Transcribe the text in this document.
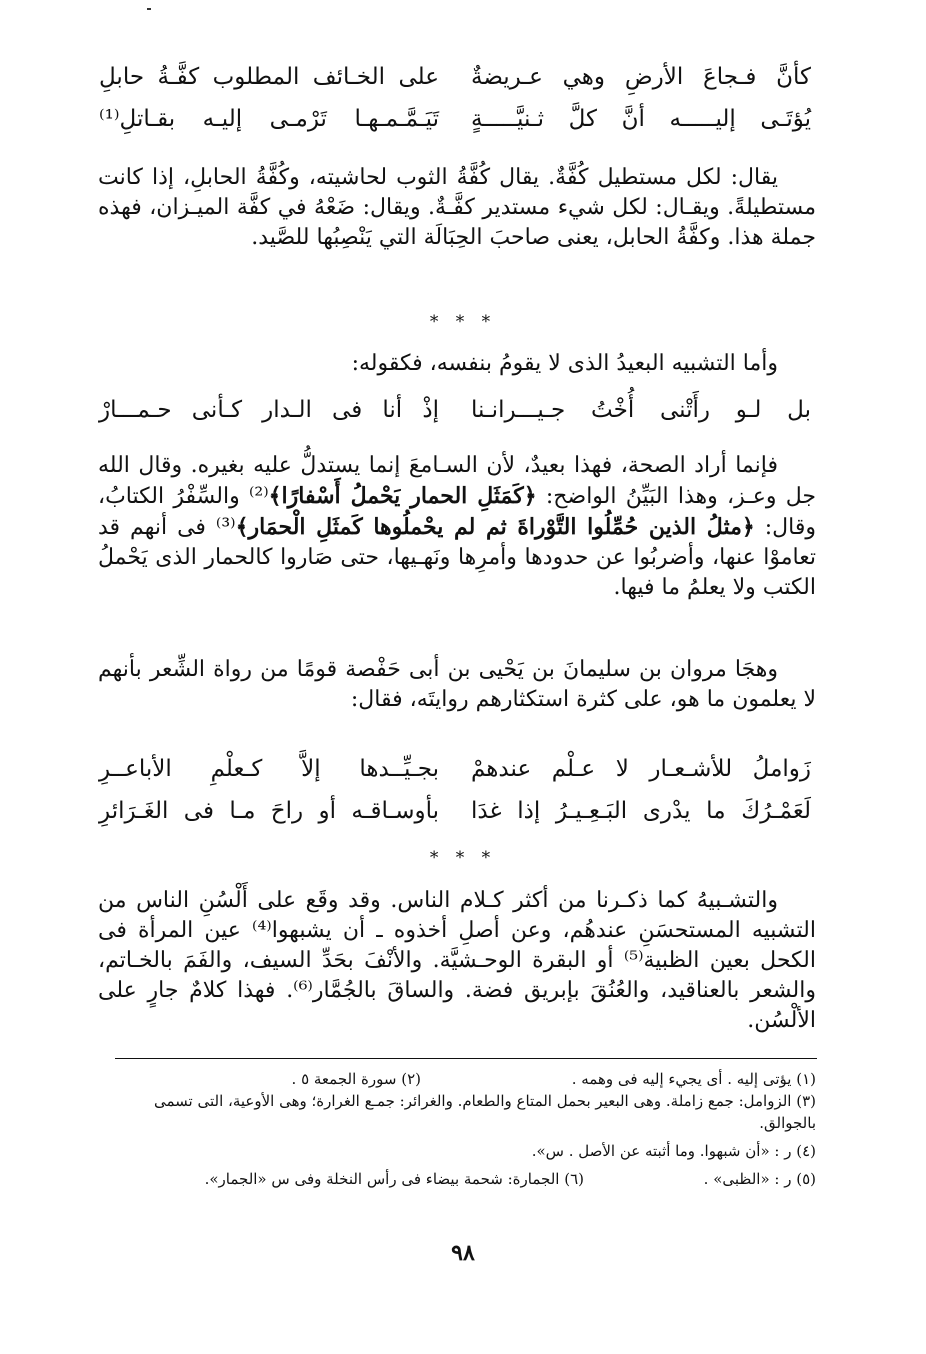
كأنَّ فـجاعَ الأرضِ وهي عـريضةٌ
على الخـائف المطلوب كفَّـةُ حابلِ
يُؤتَـى إليـــــه أنَّ كلَّ ثـنيَّـــــةٍ
تَيَـمَّـمـهـا تَرْمـى إليـه بقـاتلِ⁽¹⁾

يقال: لكل مستطيل كُفَّةٌ. يقال كُفَّةُ الثوب لحاشيته، وكُفَّةُ الحابلِ، إذا كانت مستطيلةً. ويقـال: لكل شيء مستدير كفَّـةٌ. ويقال: ضَعْهُ في كفَّة الميـزان، فهذه جملة هذا. وكفَّةُ الحابل، يعنى صاحبَ الحِبَالَة التي يَنْصِبُها للصَّيد.

* * *

وأما التشبيه البعيدُ الذى لا يقومُ بنفسه، فكقوله:

بل لـو رأَتْنى أُخْتُ جـيـــرانـنا
إذْ أنا فى الـدار كـأنى حـمـــارْ

فإنما أراد الصحة، فهذا بعيدٌ، لأن السـامعَ إنما يستدلُّ عليه بغيره. وقال الله جل وعـز، وهذا البَيِّنُ الواضح: ﴿كَمَثَلِ الحمار يَحْملُ أَسْفارًا﴾⁽²⁾ والسِّفْرُ الكتابُ، وقال: ﴿مثلُ الذين حُمِّلُوا التَّوْراةَ ثم لم يحْملُوها كَمثَلِ الْحمَار﴾⁽³⁾ فى أنهم قد تعاموْا عنها، وأضربُوا عن حدودها وأمرِها ونَهـيها، حتى صَاروا كالحمار الذى يَحْملُ الكتب ولا يعلمُ ما فيها.

وهجَا مروان بن سليمانَ بن يَحْيى بن أبى حَفْصة قومًا من رواة الشِّعر بأنهم لا يعلمون ما هو، على كثرة استكثارهم روايتَه، فقال:

زَواملُ للأشـعـار لا عـلْم عندهمْ
بجـيِّــدها إلاَّ كـعلْمِ الأباعــرِ
لَعَمْـرُكَ ما يدْرى البَـعِـيـرُ إذا غدَا
بأوسـاقـه أو راحَ مـا فى الغَـرَائرِ
* * *

والتشـبيهُ كما ذكـرنا من أكثر كـلام الناس. وقد وقَع على أَلْسُنِ الناس من التشبيه المستحسَنِ عندهُم، وعن أصلِ أخذوه ـ أن يشبهوا⁽⁴⁾ عين المرأة فى الكحل بعين الظبية⁽⁵⁾ أو البقرة الوحـشيَّة. والأنْفَ بحَدِّ السيف، والفَمَ بالخـاتم، والشعر بالعناقيد، والعُنُقَ بإبريق فضة. والساقَ بالجُمَّار⁽⁶⁾. فهذا كلامٌ جارٍ على الألْسُن.

(١) يؤتى إليه . أى يجيء إليه فى وهمه .
(٢) سورة الجمعة ٥ .
(٣) الزوامل: جمع زاملة. وهى البعير بحمل المتاع والطعام. والغرائر: جمـع الغرارة؛ وهى الأوعية، التى تسمى بالجوالق.
(٤) ر : «أن شبهوا. وما أثبته عن الأصل . س».
(٥) ر : «الظبى» .
(٦) الجمارة: شحمة بيضاء فى رأس النخلة وفى س «الجمار».
٩٨
